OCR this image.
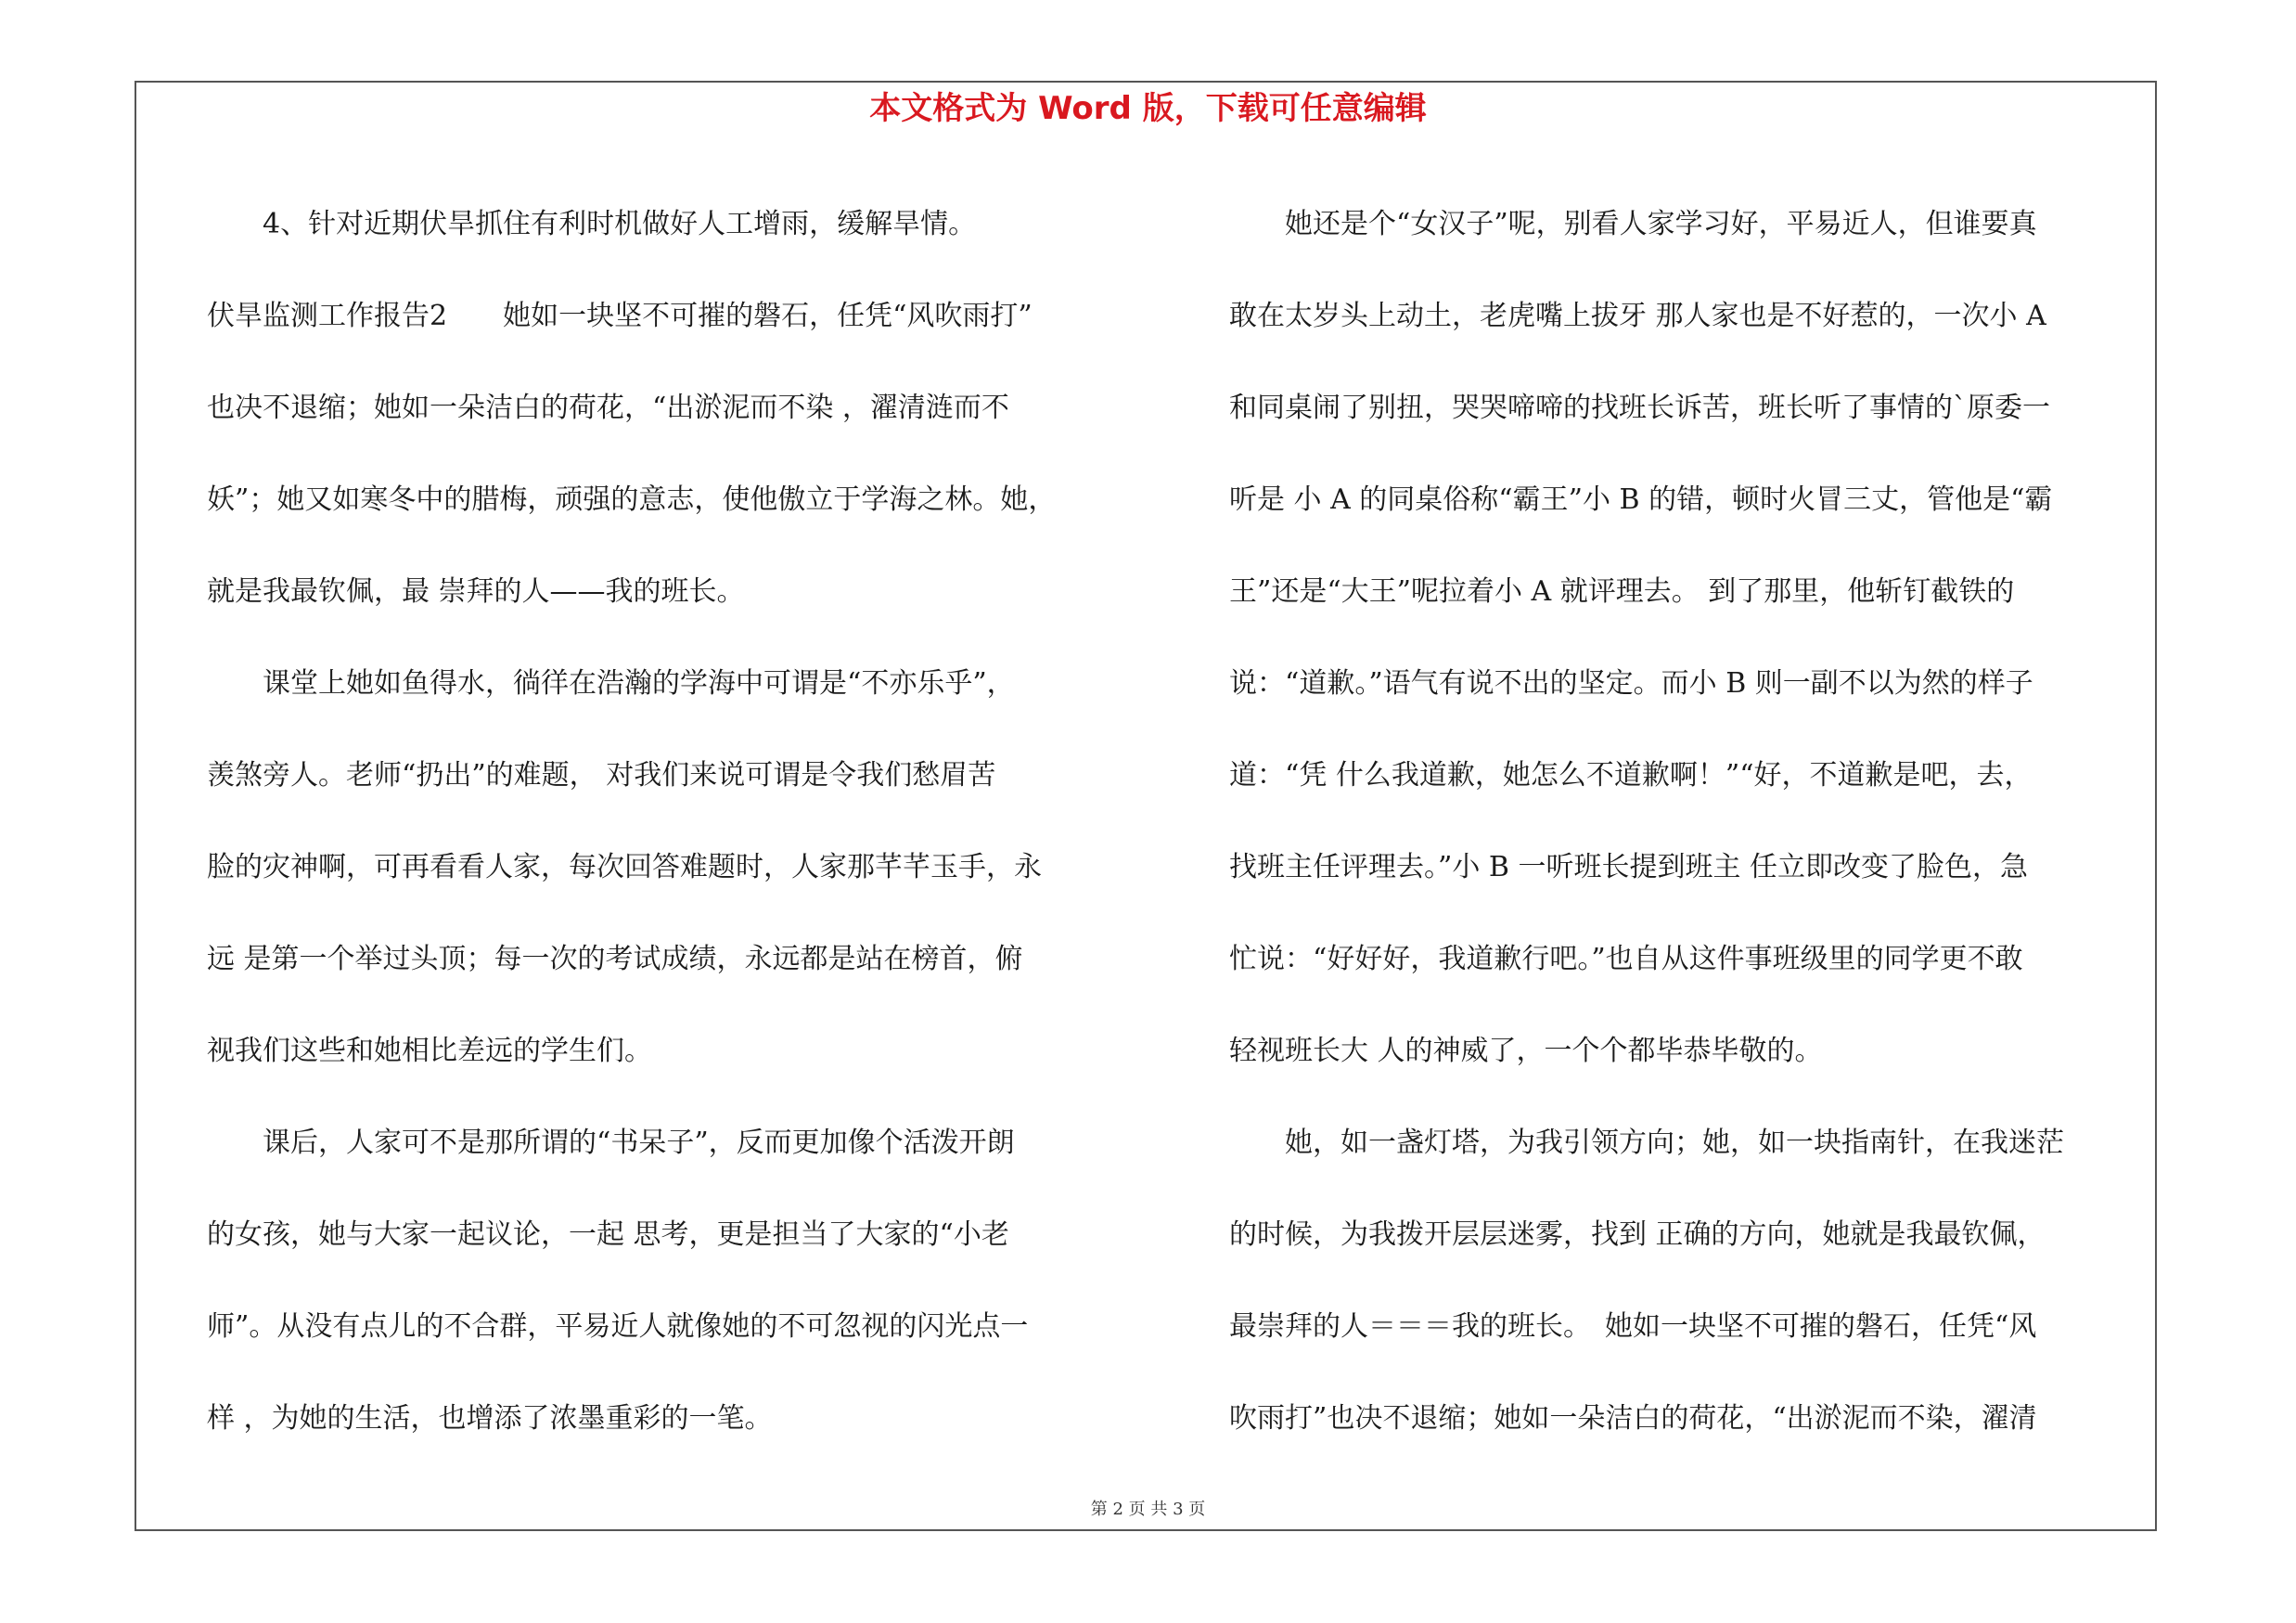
本文格式为 Word 版，下载可任意编辑

　　4、针对近期伏旱抓住有利时机做好人工增雨，缓解旱情。

伏旱监测工作报告2　　她如一块坚不可摧的磐石，任凭“风吹雨打”

也决不退缩；她如一朵洁白的荷花，“出淤泥而不染 ，濯清涟而不

妖”；她又如寒冬中的腊梅，顽强的意志，使他傲立于学海之林。她，

就是我最钦佩，最 崇拜的人——我的班长。

　　课堂上她如鱼得水，徜徉在浩瀚的学海中可谓是“不亦乐乎”，

羡煞旁人。老师“扔出”的难题， 对我们来说可谓是令我们愁眉苦

脸的灾神啊，可再看看人家，每次回答难题时，人家那芊芊玉手，永

远 是第一个举过头顶；每一次的考试成绩，永远都是站在榜首，俯

视我们这些和她相比差远的学生们。

　　课后，人家可不是那所谓的“书呆子”，反而更加像个活泼开朗

的女孩，她与大家一起议论，一起 思考，更是担当了大家的“小老

师”。从没有点儿的不合群，平易近人就像她的不可忽视的闪光点一

样 ，为她的生活，也增添了浓墨重彩的一笔。

　　她还是个“女汉子”呢，别看人家学习好，平易近人，但谁要真

敢在太岁头上动土，老虎嘴上拔牙 那人家也是不好惹的，一次小 A

和同桌闹了别扭，哭哭啼啼的找班长诉苦，班长听了事情的`原委一

听是 小 A 的同桌俗称“霸王”小 B 的错，顿时火冒三丈，管他是“霸

王”还是“大王”呢拉着小 A 就评理去。 到了那里，他斩钉截铁的

说：“道歉。”语气有说不出的坚定。而小 B 则一副不以为然的样子

道：“凭 什么我道歉，她怎么不道歉啊！”“好，不道歉是吧，去，

找班主任评理去。”小 B 一听班长提到班主 任立即改变了脸色，急

忙说：“好好好，我道歉行吧。”也自从这件事班级里的同学更不敢

轻视班长大 人的神威了，一个个都毕恭毕敬的。

　　她，如一盏灯塔，为我引领方向；她，如一块指南针，在我迷茫

的时候，为我拨开层层迷雾，找到 正确的方向，她就是我最钦佩，

最崇拜的人＝＝＝我的班长。　她如一块坚不可摧的磐石，任凭“风

吹雨打”也决不退缩；她如一朵洁白的荷花，“出淤泥而不染，濯清

第 2 页 共 3 页
